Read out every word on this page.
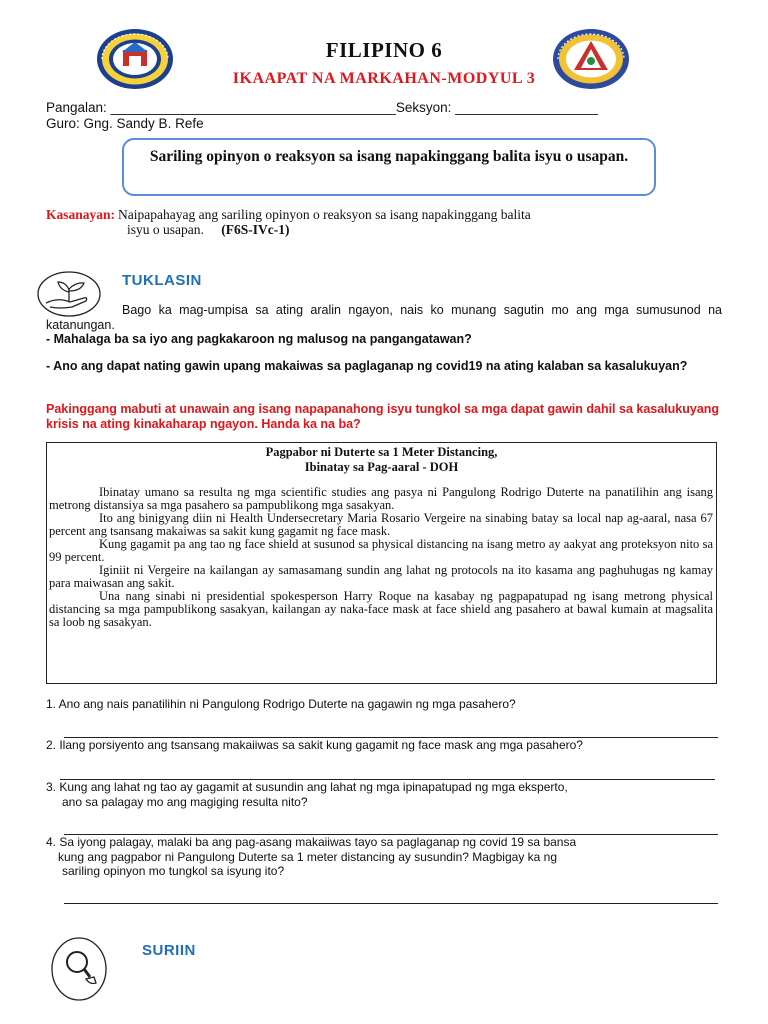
FILIPINO 6
IKAAPAT NA MARKAHAN-MODYUL 3
Pangalan: ______________________________________Seksyon: ___________________
Guro: Gng. Sandy B. Refe
Sariling opinyon o reaksyon sa isang napakinggang balita isyu o usapan.
Kasanayan: Naipapahayag ang sariling opinyon o reaksyon sa isang napakinggang balita
isyu o usapan. (F6S-IVc-1)
TUKLASIN
Bago ka mag-umpisa sa ating aralin ngayon, nais ko munang sagutin mo ang mga sumusunod na katanungan.
- Mahalaga ba sa iyo ang pagkakaroon ng malusog na pangangatawan?
- Ano ang dapat nating gawin upang makaiwas sa paglaganap ng covid19 na ating kalaban sa kasalukuyan?
Pakinggang mabuti at unawain ang isang napapanahong isyu tungkol sa mga dapat gawin dahil sa kasalukuyang krisis na ating kinakaharap ngayon. Handa ka na ba?
Pagpabor ni Duterte sa 1 Meter Distancing,
Ibinatay sa Pag-aaral - DOH

Ibinatay umano sa resulta ng mga scientific studies ang pasya ni Pangulong Rodrigo Duterte na panatilihin ang isang metrong distansiya sa mga pasahero sa pampublikong mga sasakyan.

Ito ang binigyang diin ni Health Undersecretary Maria Rosario Vergeire na sinabing batay sa local nap ag-aaral, nasa 67 percent ang tsansang makaiwas sa sakit kung gagamit ng face mask.

Kung gagamit pa ang tao ng face shield at susunod sa physical distancing na isang metro ay aakyat ang proteksyon nito sa 99 percent.

Iginiit ni Vergeire na kailangan ay samasamang sundin ang lahat ng protocols na ito kasama ang paghuhugas ng kamay para maiwasan ang sakit.

Una nang sinabi ni presidential spokesperson Harry Roque na kasabay ng pagpapatupad ng isang metrong physical distancing sa mga pampublikong sasakyan, kailangan ay naka-face mask at face shield ang pasahero at bawal kumain at magsalita sa loob ng sasakyan.

1. Ano ang nais panatilihin ni Pangulong Rodrigo Duterte na gagawin ng mga pasahero?
2. Ilang porsiyento ang tsansang makaiiwas sa sakit kung gagamit ng face mask ang mga pasahero?
3. Kung ang lahat ng tao ay gagamit at susundin ang lahat ng mga ipinapatupad ng mga eksperto,
ano sa palagay mo ang magiging resulta nito?
4. Sa iyong palagay, malaki ba ang pag-asang makaiiwas tayo sa paglaganap ng covid 19 sa bansa
kung ang pagpabor ni Pangulong Duterte sa 1 meter distancing ay susundin? Magbigay ka ng
sariling opinyon mo tungkol sa isyung ito?
SURIIN
